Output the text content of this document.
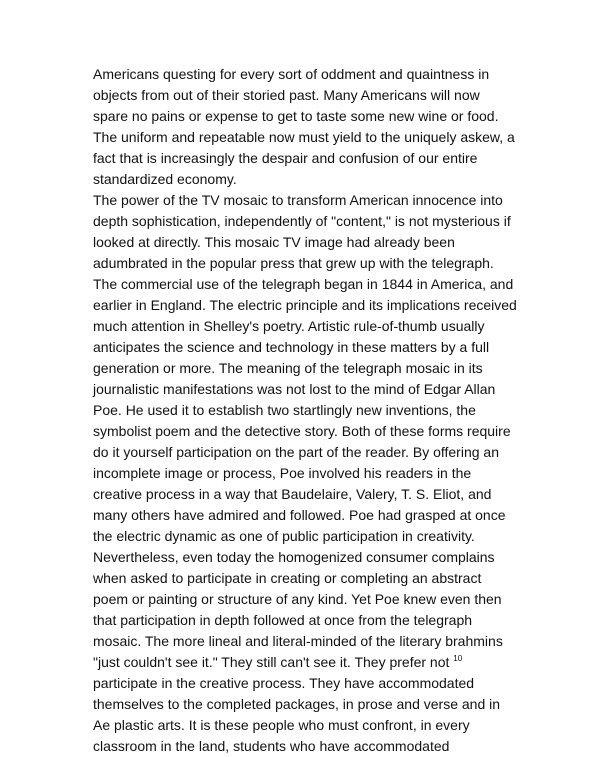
Americans questing for every sort of oddment and quaintness in
objects from out of their storied past. Many Americans will now
spare no pains or expense to get to taste some new wine or food.
The uniform and repeatable now must yield to the uniquely askew, a
fact that is increasingly the despair and confusion of our entire
standardized economy.
The power of the TV mosaic to transform American innocence into
depth sophistication, independently of "content," is not mysterious if
looked at directly. This mosaic TV image had already been
adumbrated in the popular press that grew up with the telegraph.
The commercial use of the telegraph began in 1844 in America, and
earlier in England. The electric principle and its implications received
much attention in Shelley's poetry. Artistic rule-of-thumb usually
anticipates the science and technology in these matters by a full
generation or more. The meaning of the telegraph mosaic in its
journalistic manifestations was not lost to the mind of Edgar Allan
Poe. He used it to establish two startlingly new inventions, the
symbolist poem and the detective story. Both of these forms require
do it yourself participation on the part of the reader. By offering an
incomplete image or process, Poe involved his readers in the
creative process in a way that Baudelaire, Valery, T. S. Eliot, and
many others have admired and followed. Poe had grasped at once
the electric dynamic as one of public participation in creativity.
Nevertheless, even today the homogenized consumer complains
when asked to participate in creating or completing an abstract
poem or painting or structure of any kind. Yet Poe knew even then
that participation in depth followed at once from the telegraph
mosaic. The more lineal and literal-minded of the literary brahmins
"just couldn't see it." They still can't see it. They prefer not $^{10}$
participate in the creative process. They have accommodated
themselves to the completed packages, in prose and verse and in
Ae plastic arts. It is these people who must confront, in every
classroom in the land, students who have accommodated
